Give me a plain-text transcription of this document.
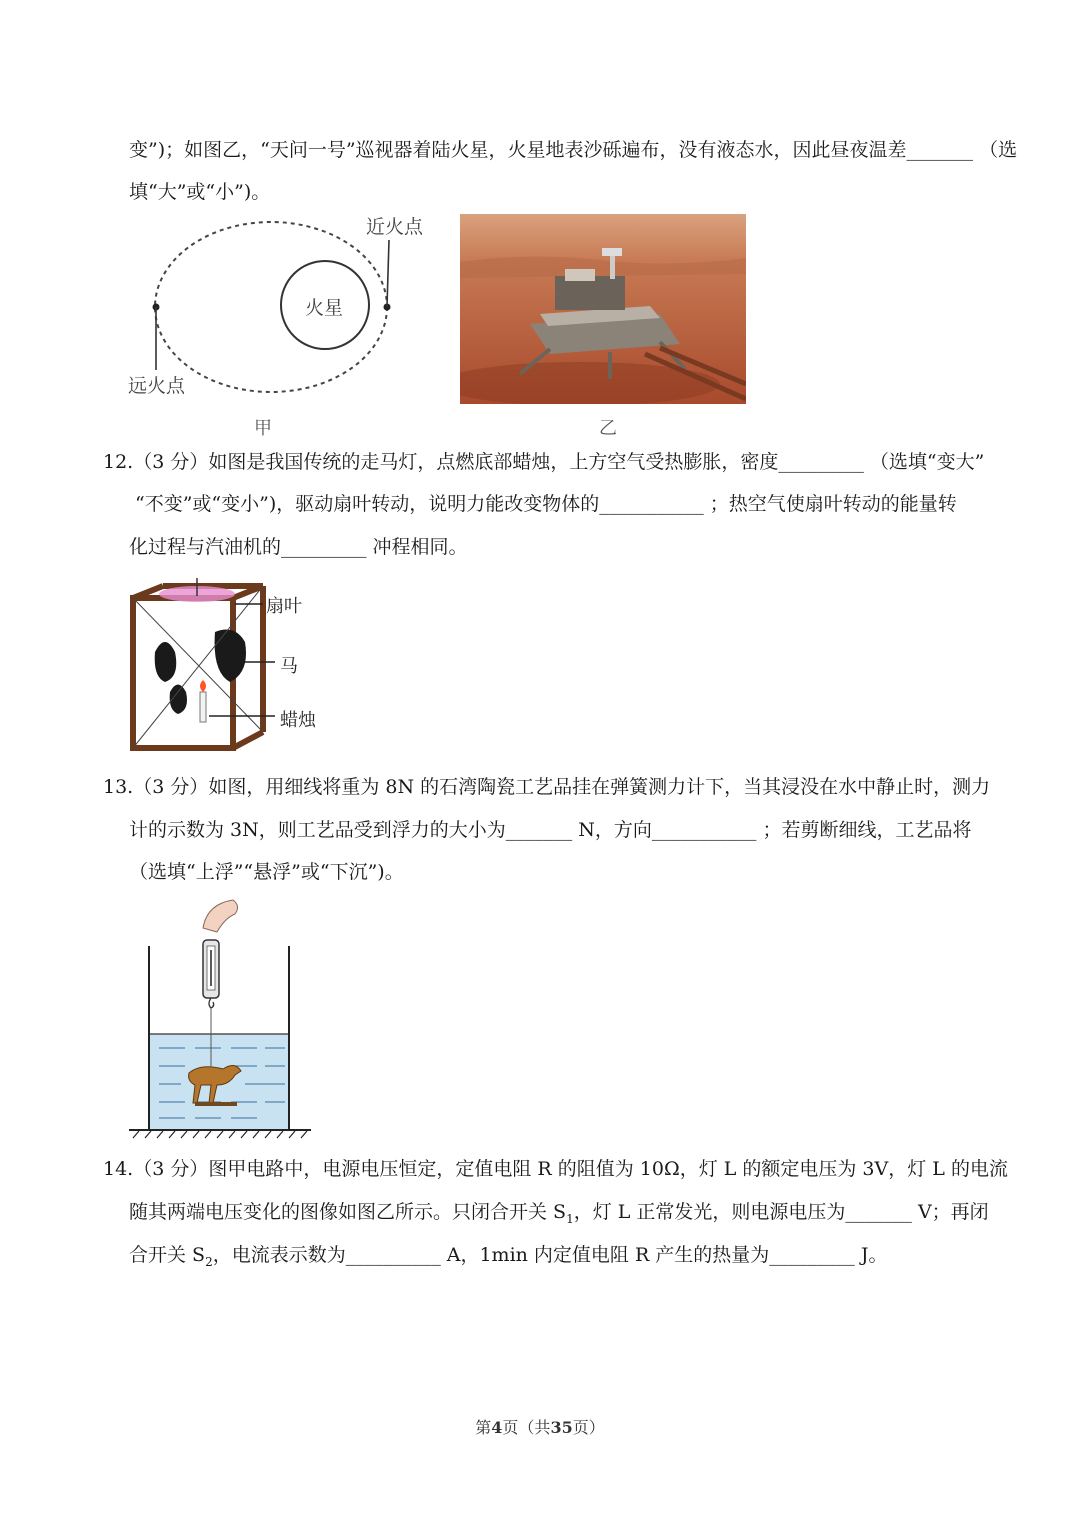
变”)；如图乙，“天问一号”巡视器着陆火星，火星地表沙砾遍布，没有液态水，因此昼夜温差_______ （选
填“大”或“小”)。
近火点
火星
远火点
甲	乙
12.（3 分）如图是我国传统的走马灯，点燃底部蜡烛，上方空气受热膨胀，密度_________ （选填“变大”
“不变”或“变小”)，驱动扇叶转动，说明力能改变物体的___________ ；热空气使扇叶转动的能量转
化过程与汽油机的_________ 冲程相同。
扇叶
马
蜡烛
13.（3 分）如图，用细线将重为 8N 的石湾陶瓷工艺品挂在弹簧测力计下，当其浸没在水中静止时，测力
计的示数为 3N，则工艺品受到浮力的大小为_______ N，方向___________ ；若剪断细线，工艺品将
（选填“上浮”“悬浮”或“下沉”)。
14.（3 分）图甲电路中，电源电压恒定，定值电阻 R 的阻值为 10Ω，灯 L 的额定电压为 3V，灯 L 的电流
随其两端电压变化的图像如图乙所示。只闭合开关 $S_1$，灯 L 正常发光，则电源电压为_______ V；再闭
合开关 $S_2$，电流表示数为__________ A，1min 内定值电阻 R 产生的热量为_________ J。
第4页（共35页）
